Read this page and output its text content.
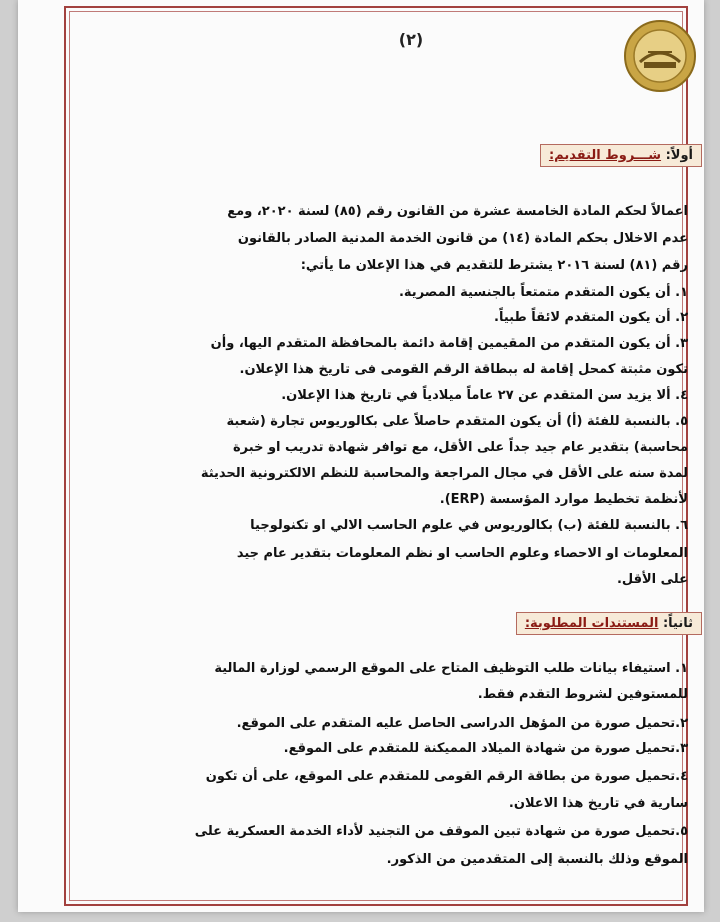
(٢)
أولاً: شـــروط التقديم:
اعمالاً لحكم المادة الخامسة عشرة من القانون رقم (٨٥) لسنة ٢٠٢٠، ومع
عدم الاخلال بحكم المادة (١٤) من قانون الخدمة المدنية الصادر بالقانون
رقم (٨١) لسنة ٢٠١٦ يشترط للتقديم في هذا الإعلان ما يأتي:
١. أن يكون المتقدم متمتعاً بالجنسية المصرية.
٢. أن يكون المتقدم لائقاً طبياً.
٣. أن يكون المتقدم من المقيمين إقامة دائمة بالمحافظة المتقدم اليها، وأن
تكون مثبتة كمحل إقامة له ببطاقة الرقم القومى فى تاريخ هذا الإعلان.
٤. ألا يزيد سن المتقدم عن ٢٧ عاماً ميلادياً في تاريخ هذا الإعلان.
٥. بالنسبة للفئة (أ) أن يكون المتقدم حاصلاً على بكالوريوس تجارة (شعبة
محاسبة) بتقدير عام جيد جداً على الأقل، مع توافر شهادة تدريب او خبرة
لمدة سنه على الأقل في مجال المراجعة والمحاسبة للنظم الالكترونية الحديثة
لأنظمة تخطيط موارد المؤسسة (ERP).
٦. بالنسبة للفئة (ب) بكالوريوس في علوم الحاسب الالي او تكنولوجيا
المعلومات او الاحصاء وعلوم الحاسب او نظم المعلومات بتقدير عام جيد
على الأقل.
ثانياً: المستندات المطلوبة:
١. استيفاء بيانات طلب التوظيف المتاح على الموقع الرسمي لوزارة المالية
للمستوفين لشروط التقدم فقط.
٢.تحميل صورة من المؤهل الدراسى الحاصل عليه المتقدم على الموقع.
٣.تحميل صورة من شهادة الميلاد المميكنة للمتقدم على الموقع.
٤.تحميل صورة من بطاقة الرقم القومى للمتقدم على الموقع، على أن تكون
سارية في تاريخ هذا الاعلان.
٥.تحميل صورة من شهادة تبين الموقف من التجنيد لأداء الخدمة العسكرية على
الموقع وذلك بالنسبة إلى المتقدمين من الذكور.
